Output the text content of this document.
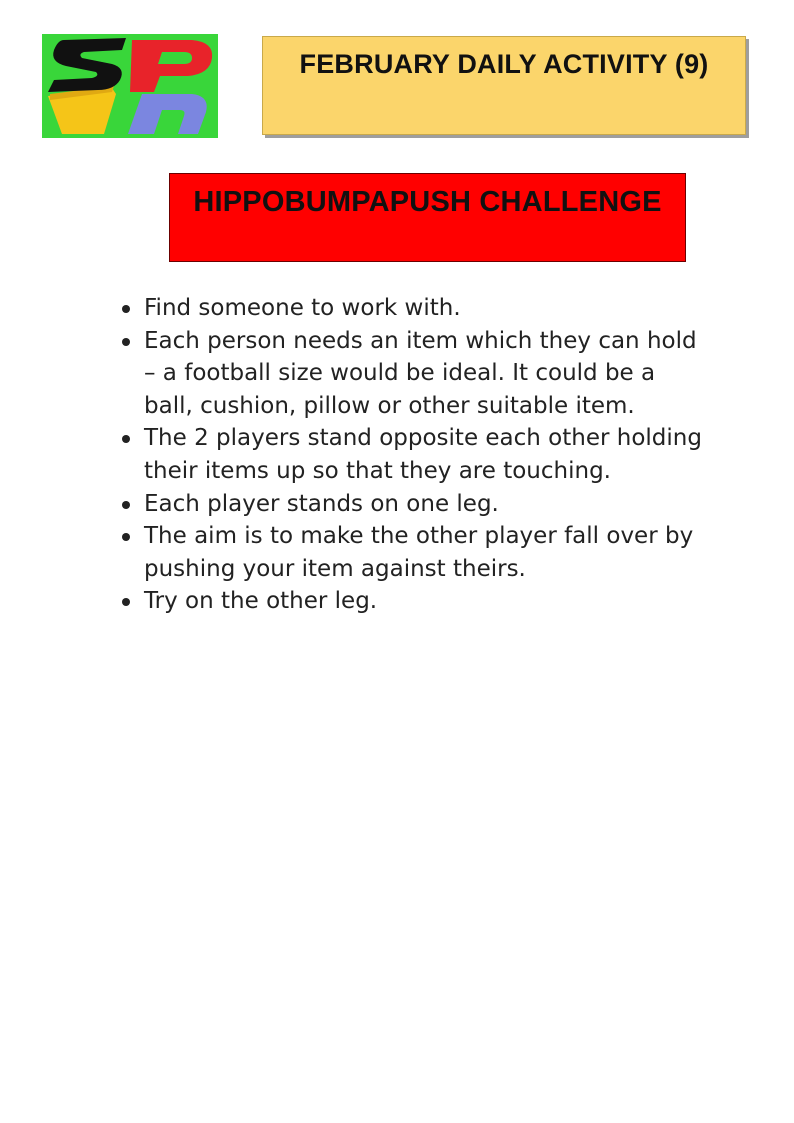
FEBRUARY DAILY ACTIVITY (9)
HIPPOBUMPAPUSH CHALLENGE
Find someone to work with.
Each person needs an item which they can hold – a football size would be ideal. It could be a ball, cushion, pillow or other suitable item.
The 2 players stand opposite each other holding their items up so that they are touching.
Each player stands on one leg.
The aim is to make the other player fall over by pushing your item against theirs.
Try on the other leg.
